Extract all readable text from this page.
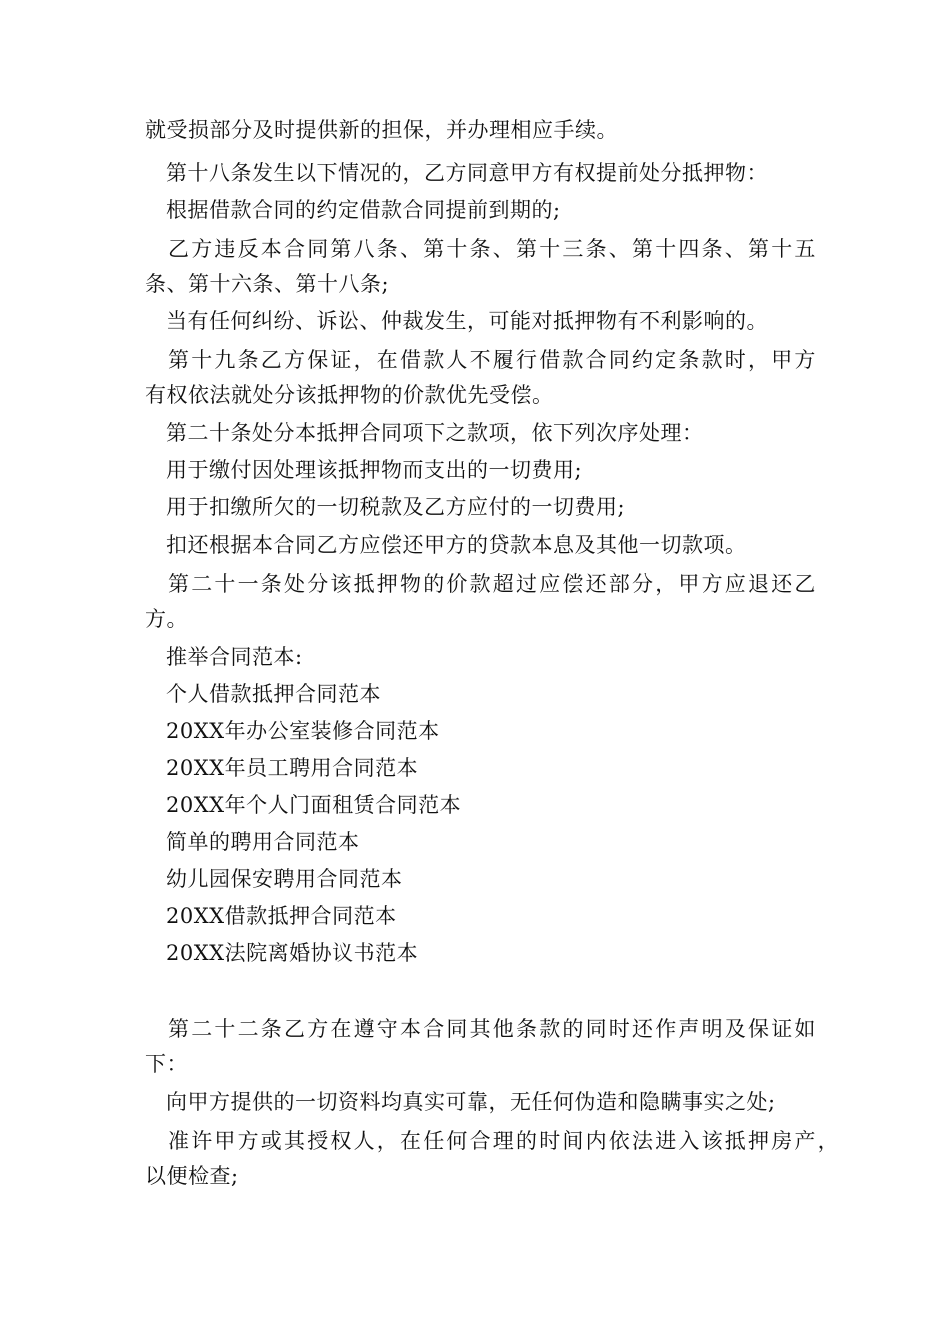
就受损部分及时提供新的担保，并办理相应手续。
第十八条发生以下情况的，乙方同意甲方有权提前处分抵押物：
根据借款合同的约定借款合同提前到期的;
乙方违反本合同第八条、第十条、第十三条、第十四条、第十五
条、第十六条、第十八条;
当有任何纠纷、诉讼、仲裁发生，可能对抵押物有不利影响的。
第十九条乙方保证，在借款人不履行借款合同约定条款时，甲方
有权依法就处分该抵押物的价款优先受偿。
第二十条处分本抵押合同项下之款项，依下列次序处理：
用于缴付因处理该抵押物而支出的一切费用;
用于扣缴所欠的一切税款及乙方应付的一切费用;
扣还根据本合同乙方应偿还甲方的贷款本息及其他一切款项。
第二十一条处分该抵押物的价款超过应偿还部分，甲方应退还乙
方。
推举合同范本:
个人借款抵押合同范本
20XX年办公室装修合同范本
20XX年员工聘用合同范本
20XX年个人门面租赁合同范本
简单的聘用合同范本
幼儿园保安聘用合同范本
20XX借款抵押合同范本
20XX法院离婚协议书范本
第二十二条乙方在遵守本合同其他条款的同时还作声明及保证如
下：
向甲方提供的一切资料均真实可靠，无任何伪造和隐瞒事实之处;
准许甲方或其授权人，在任何合理的时间内依法进入该抵押房产，
以便检查;
